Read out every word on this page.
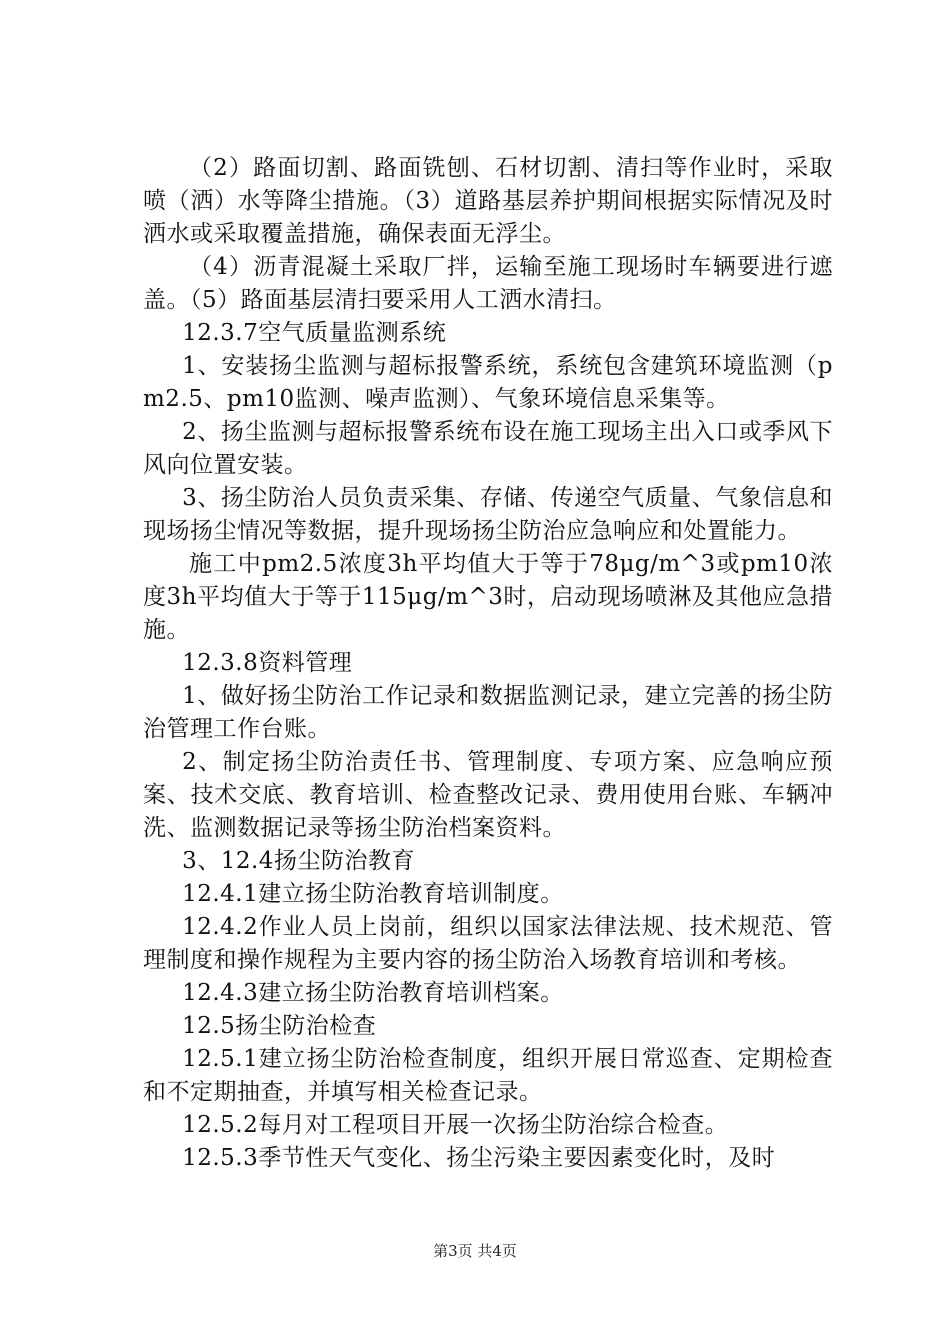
（2）路面切割、路面铣刨、石材切割、清扫等作业时，采取喷（洒）水等降尘措施。（3）道路基层养护期间根据实际情况及时洒水或采取覆盖措施，确保表面无浮尘。

（4）沥青混凝土采取厂拌，运输至施工现场时车辆要进行遮盖。（5）路面基层清扫要采用人工洒水清扫。

12.3.7空气质量监测系统

1、安装扬尘监测与超标报警系统，系统包含建筑环境监测（pm2.5、pm10监测、噪声监测）、气象环境信息采集等。

2、扬尘监测与超标报警系统布设在施工现场主出入口或季风下风向位置安装。

3、扬尘防治人员负责采集、存储、传递空气质量、气象信息和现场扬尘情况等数据，提升现场扬尘防治应急响应和处置能力。

施工中pm2.5浓度3h平均值大于等于78μg/m^3或pm10浓度3h平均值大于等于115μg/m^3时，启动现场喷淋及其他应急措施。

12.3.8资料管理

1、做好扬尘防治工作记录和数据监测记录，建立完善的扬尘防治管理工作台账。

2、制定扬尘防治责任书、管理制度、专项方案、应急响应预案、技术交底、教育培训、检查整改记录、费用使用台账、车辆冲洗、监测数据记录等扬尘防治档案资料。

3、12.4扬尘防治教育

12.4.1建立扬尘防治教育培训制度。

12.4.2作业人员上岗前，组织以国家法律法规、技术规范、管理制度和操作规程为主要内容的扬尘防治入场教育培训和考核。

12.4.3建立扬尘防治教育培训档案。

12.5扬尘防治检查

12.5.1建立扬尘防治检查制度，组织开展日常巡查、定期检查和不定期抽查，并填写相关检查记录。

12.5.2每月对工程项目开展一次扬尘防治综合检查。

12.5.3季节性天气变化、扬尘污染主要因素变化时，及时

第3页 共4页
